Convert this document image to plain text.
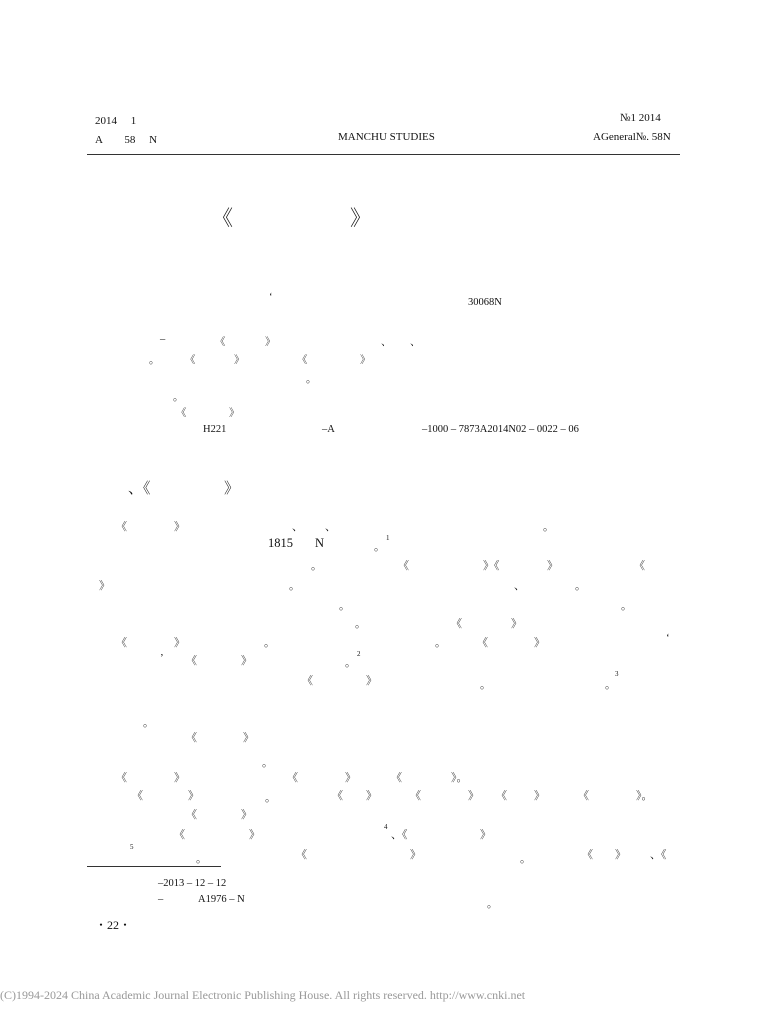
2014　 1
A　　58　 N	MANCHU STUDIES
№1 2014
AGeneral№. 58N
《	》
‘	30068N
–	《	》	、 、
。 《	》	《	》
。
。
《	》
H221	–A	–1000 – 7873A2014N02 – 0022 – 06
、《	》
《	》	、 、	。
1815 N	。
1
。	《	》《	》	《
》	。	、	。
。	。
。	《	》
《	》	。	。	《	》	‘
’ 《	》	。
2
《	》	。	。
3
。
《	》
。
《	》	《	》	《	》。
《	》	。	《 》	《	》 《 》	《	》。
《	》
《	》
4
、《	》
5
。	《	》	。	《 》 、《
–2013 – 12 – 12
–	A1976 – N	。
・22・
(C)1994-2024 China Academic Journal Electronic Publishing House. All rights reserved. http://www.cnki.net
